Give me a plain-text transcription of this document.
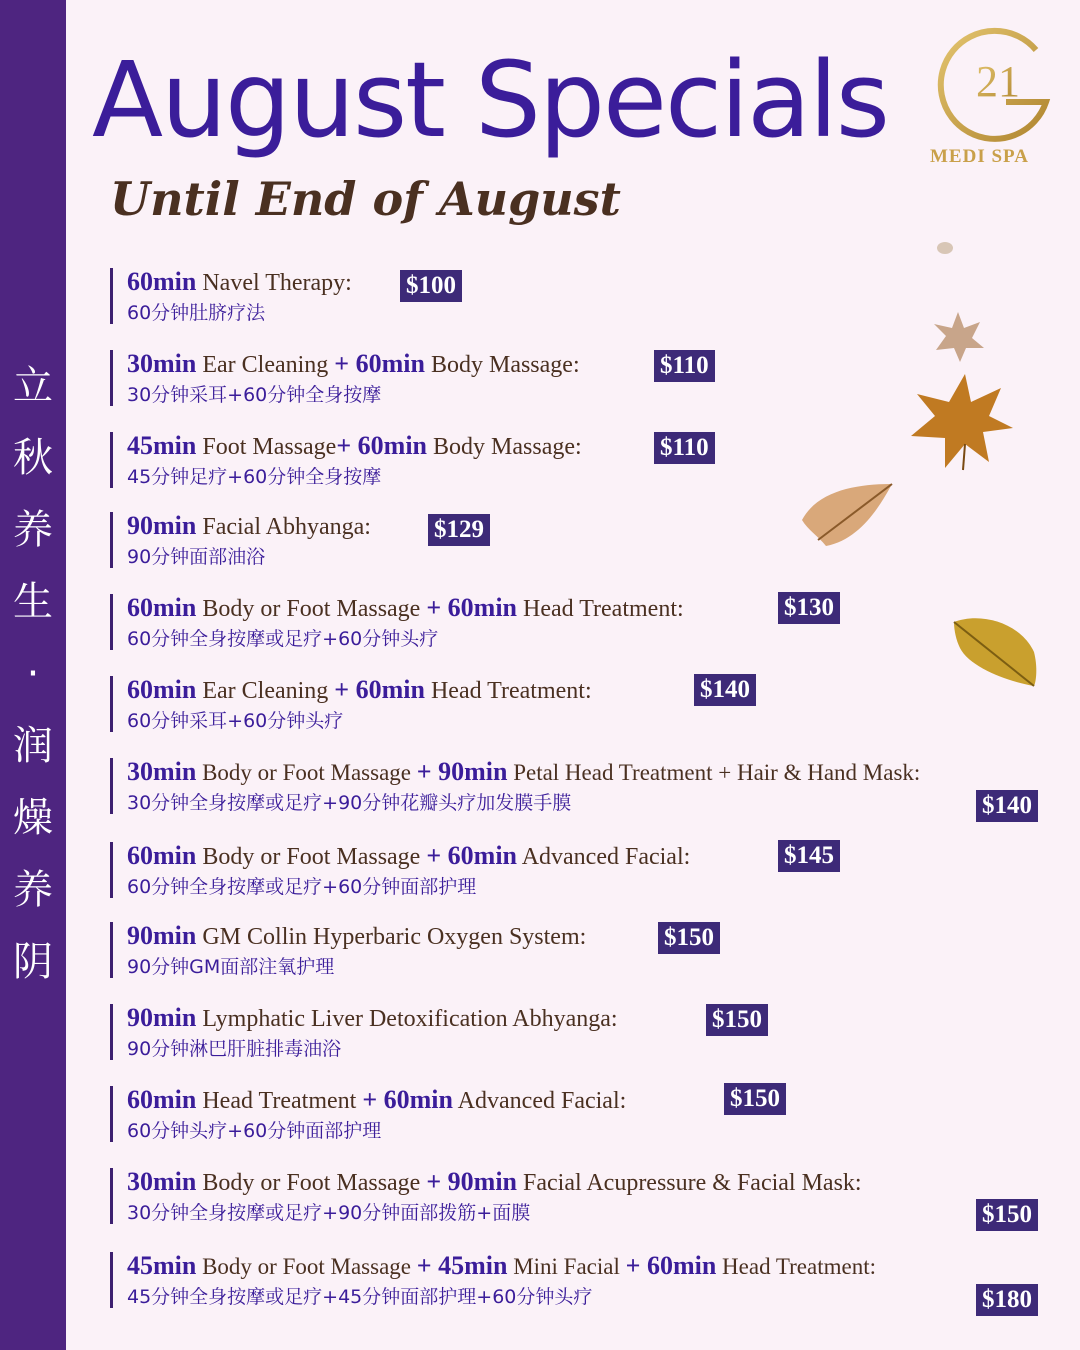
立
秋
养
生
·
润
燥
养
阴
August Specials
Until End of August
21
MEDI SPA
60min Navel Therapy:
60分钟肚脐疗法
$100
30min Ear Cleaning + 60min Body Massage:
30分钟采耳+60分钟全身按摩
$110
45min Foot Massage+ 60min Body Massage:
45分钟足疗+60分钟全身按摩
$110
90min Facial Abhyanga:
90分钟面部油浴
$129
60min Body or Foot Massage + 60min Head Treatment:
60分钟全身按摩或足疗+60分钟头疗
$130
60min Ear Cleaning + 60min Head Treatment:
60分钟采耳+60分钟头疗
$140
30min Body or Foot Massage + 90min Petal Head Treatment + Hair & Hand Mask:
30分钟全身按摩或足疗+90分钟花瓣头疗加发膜手膜	$140
60min Body or Foot Massage + 60min Advanced Facial:
60分钟全身按摩或足疗+60分钟面部护理
$145
90min GM Collin Hyperbaric Oxygen System:
90分钟GM面部注氧护理
$150
90min Lymphatic Liver Detoxification Abhyanga:
90分钟淋巴肝脏排毒油浴
$150
60min Head Treatment + 60min Advanced Facial:
60分钟头疗+60分钟面部护理
$150
30min Body or Foot Massage + 90min Facial Acupressure & Facial Mask:
30分钟全身按摩或足疗+90分钟面部拨筋+面膜	$150
45min Body or Foot Massage + 45min Mini Facial + 60min Head Treatment:
45分钟全身按摩或足疗+45分钟面部护理+60分钟头疗	$180
